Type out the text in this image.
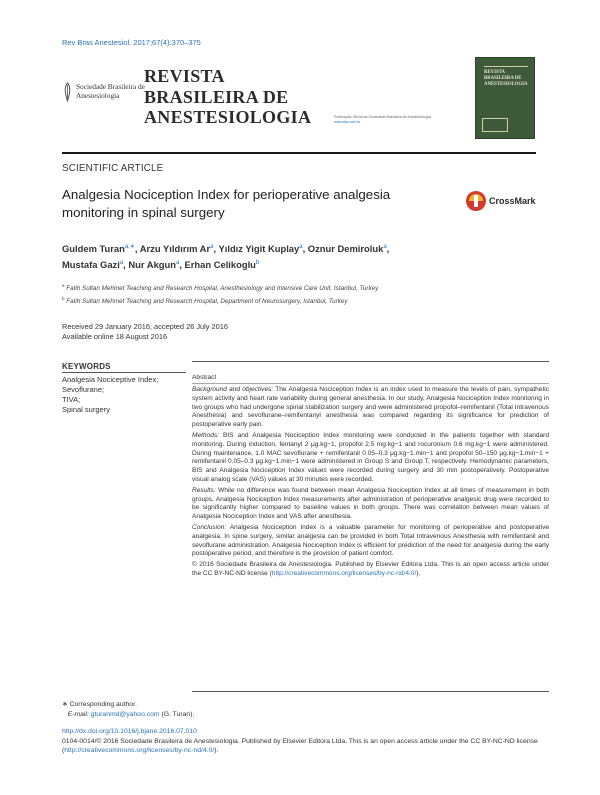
Rev Bras Anestesiol. 2017;67(4):370–375
Sociedade Brasileira de Anestesiologia
REVISTA BRASILEIRA DE ANESTESIOLOGIA	Publicação Oficial da Sociedade Brasileira de Anestesiologia
www.sba.com.br
REVISTA BRASILEIRA DE ANESTESIOLOGIA
SCIENTIFIC ARTICLE
Analgesia Nociception Index for perioperative analgesia monitoring in spinal surgery
CrossMark
Guldem Turan$^{a,∗}$, Arzu Yıldırım Ar$^a$, Yıldız Yigit Kuplay$^a$, Oznur Demiroluk$^a$,
Mustafa Gazi$^a$, Nur Akgun$^a$, Erhan Celikoglu$^b$
$^a$ Fatih Sultan Mehmet Teaching and Research Hospital, Anesthesiology and Intensive Care Unit, Istanbul, Turkey
$^b$ Fatih Sultan Mehmet Teaching and Research Hospital, Department of Neurosurgery, Istanbul, Turkey
Received 29 January 2016; accepted 26 July 2016
Available online 18 August 2016
KEYWORDS
Analgesia Nociceptive Index;
Sevoflurane;
TIVA;
Spinal surgery
Abstract

Background and objectives: The Analgesia Nociception Index is an index used to measure the levels of pain, sympathetic system activity and heart rate variability during general anesthesia. In our study, Analgesia Nociception Index monitoring in two groups who had undergone spinal stabilization surgery and were administered propofol–remifentanil (Total Intravenous Anesthesia) and sevoflurane–remifentanyl anesthesia was compared regarding its significance for prediction of postoperative early pain.

Methods: BIS and Analgesia Nociception Index monitoring were conducted in the patients together with standard monitoring. During induction, fentanyl 2 μg.kg−1, propofol 2.5 mg.kg−1 and rocuronium 0.6 mg.kg−1 were administered. During maintenance, 1.0 MAC sevoflurane + remifentanil 0.05–0.3 μg.kg−1.min−1 and propofol 50–150 μg.kg−1.min−1 + remifentanil 0.05–0.3 μg.kg−1.min−1 were administered in Group S and Group T, respectively. Hemodynamic parameters, BIS and Analgesia Nociception Index values were recorded during surgery and 30 min postoperatively. Postoperative visual analog scale (VAS) values at 30 minutes were recorded.

Results: While no difference was found between mean Analgesia Nociception Index at all times of measurement in both groups, Analgesia Nociception Index measurements after administration of perioperative analgesic drug were recorded to be significantly higher compared to baseline values in both groups. There was correlation between mean values of Analgesia Nociception Index and VAS after anesthesia.

Conclusion: Analgesia Nociception Index is a valuable parameter for monitoring of perioperative and postoperative analgesia. In spine surgery, similar analgesia can be provided in both Total Intravenous Anesthesia with remifentanil and sevoflurane administration. Analgesia Nociception Index is efficient for prediction of the need for analgesia during the early postoperative period, and therefore is the provision of patient comfort.

© 2016 Sociedade Brasileira de Anestesiologia. Published by Elsevier Editora Ltda. This is an open access article under the CC BY-NC-ND license (http://creativecommons.org/licenses/by-nc-nd/4.0/).

∗ Corresponding author.
E-mail: gturanmd@yahoo.com (G. Turan).
http://dx.doi.org/10.1016/j.bjane.2016.07.010
0104-0014/© 2016 Sociedade Brasileira de Anestesiologia. Published by Elsevier Editora Ltda. This is an open access article under the CC BY-NC-ND license (http://creativecommons.org/licenses/by-nc-nd/4.0/).
